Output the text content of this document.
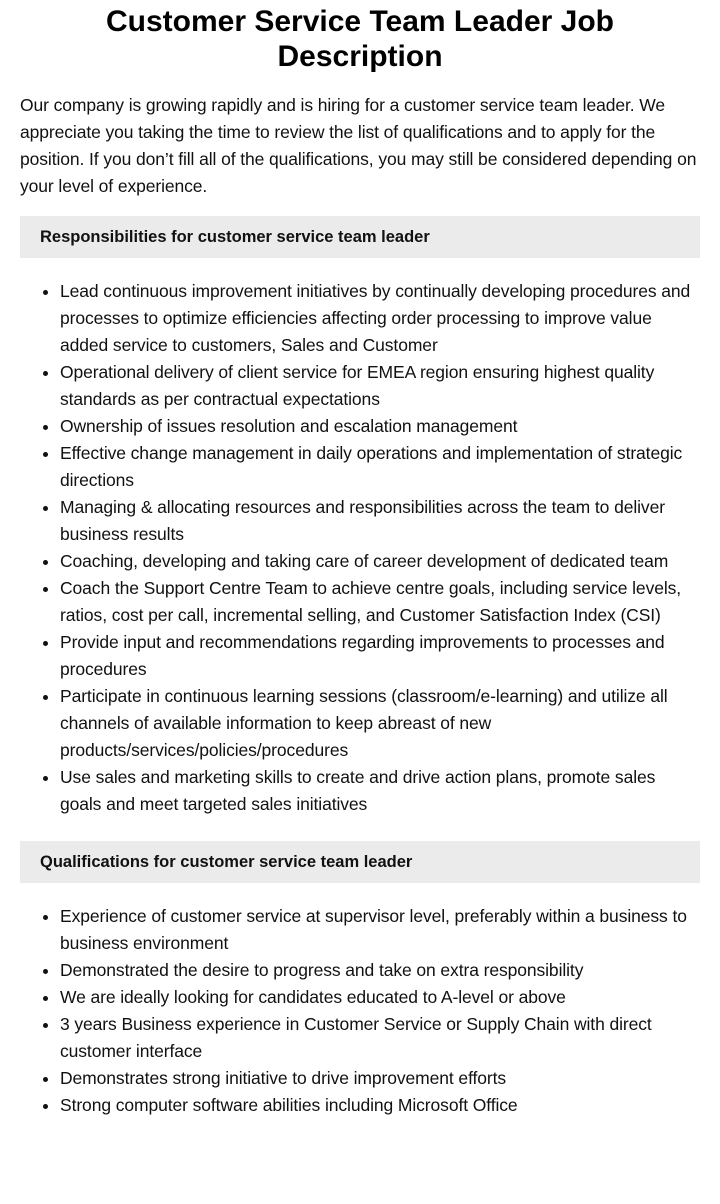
Customer Service Team Leader Job Description

Our company is growing rapidly and is hiring for a customer service team leader. We appreciate you taking the time to review the list of qualifications and to apply for the position. If you don’t fill all of the qualifications, you may still be considered depending on your level of experience.

Responsibilities for customer service team leader
• Lead continuous improvement initiatives by continually developing procedures and processes to optimize efficiencies affecting order processing to improve value added service to customers, Sales and Customer
• Operational delivery of client service for EMEA region ensuring highest quality standards as per contractual expectations
• Ownership of issues resolution and escalation management
• Effective change management in daily operations and implementation of strategic directions
• Managing & allocating resources and responsibilities across the team to deliver business results
• Coaching, developing and taking care of career development of dedicated team
• Coach the Support Centre Team to achieve centre goals, including service levels, ratios, cost per call, incremental selling, and Customer Satisfaction Index (CSI)
• Provide input and recommendations regarding improvements to processes and procedures
• Participate in continuous learning sessions (classroom/e-learning) and utilize all channels of available information to keep abreast of new products/services/policies/procedures
• Use sales and marketing skills to create and drive action plans, promote sales goals and meet targeted sales initiatives
Qualifications for customer service team leader
• Experience of customer service at supervisor level, preferably within a business to business environment
• Demonstrated the desire to progress and take on extra responsibility
• We are ideally looking for candidates educated to A-level or above
• 3 years Business experience in Customer Service or Supply Chain with direct customer interface
• Demonstrates strong initiative to drive improvement efforts
• Strong computer software abilities including Microsoft Office
